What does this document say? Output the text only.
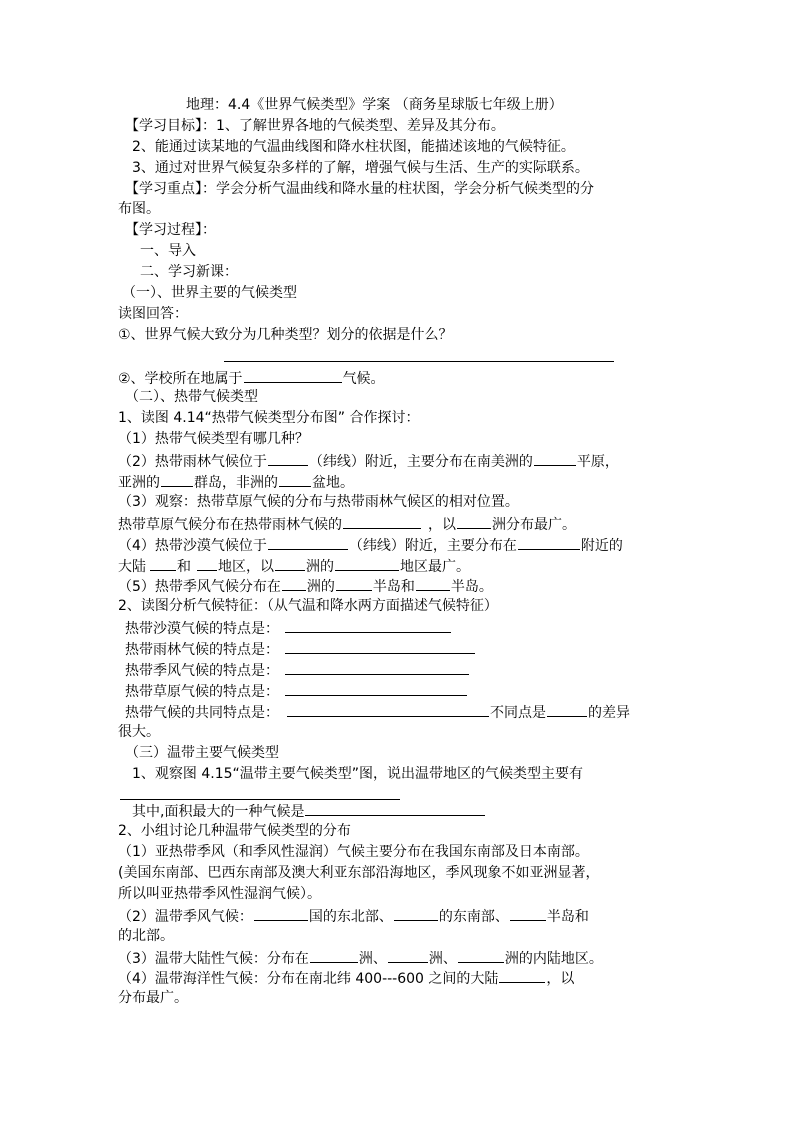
地理：4.4《世界气候类型》学案 （商务星球版七年级上册）
【学习目标】：1、了解世界各地的气候类型、差异及其分布。
2、能通过读某地的气温曲线图和降水柱状图，能描述该地的气候特征。
3、通过对世界气候复杂多样的了解，增强气候与生活、生产的实际联系。
【学习重点】：学会分析气温曲线和降水量的柱状图，学会分析气候类型的分
布图。
【学习过程】：
一、导入
二、学习新课：
（一）、世界主要的气候类型
读图回答：
①、世界气候大致分为几种类型？划分的依据是什么？
②、学校所在地属于	气候。
（二）、热带气候类型
1、读图 4.14“热带气候类型分布图” 合作探讨：
（1）热带气候类型有哪几种？
（2）热带雨林气候位于	（纬线）附近，主要分布在南美洲的	平原，
亚洲的 群岛，非洲的 盆地。
（3）观察：热带草原气候的分布与热带雨林气候区的相对位置。
热带草原气候分布在热带雨林气候的	，以	洲分布最广。
（4）热带沙漠气候位于	（纬线）附近，主要分布在	附近的
大陆 和 地区，以 洲的	地区最广。
（5）热带季风气候分布在 洲的	半岛和	半岛。
2、读图分析气候特征：（从气温和降水两方面描述气候特征）
热带沙漠气候的特点是：
热带雨林气候的特点是：
热带季风气候的特点是：
热带草原气候的特点是：
热带气候的共同特点是：	不同点是	的差异
很大。
（三）温带主要气候类型
1、观察图 4.15“温带主要气候类型”图，说出温带地区的气候类型主要有
其中,面积最大的一种气候是
2、小组讨论几种温带气候类型的分布
（1）亚热带季风（和季风性湿润）气候主要分布在我国东南部及日本南部。
(美国东南部、巴西东南部及澳大利亚东部沿海地区，季风现象不如亚洲显著，
所以叫亚热带季风性湿润气候）。
（2）温带季风气候：	国的东北部、	的东南部、	半岛和
的北部。
（3）温带大陆性气候：分布在	洲、	洲、	洲的内陆地区。
（4）温带海洋性气候：分布在南北纬 400---600 之间的大陆	，以
分布最广。
